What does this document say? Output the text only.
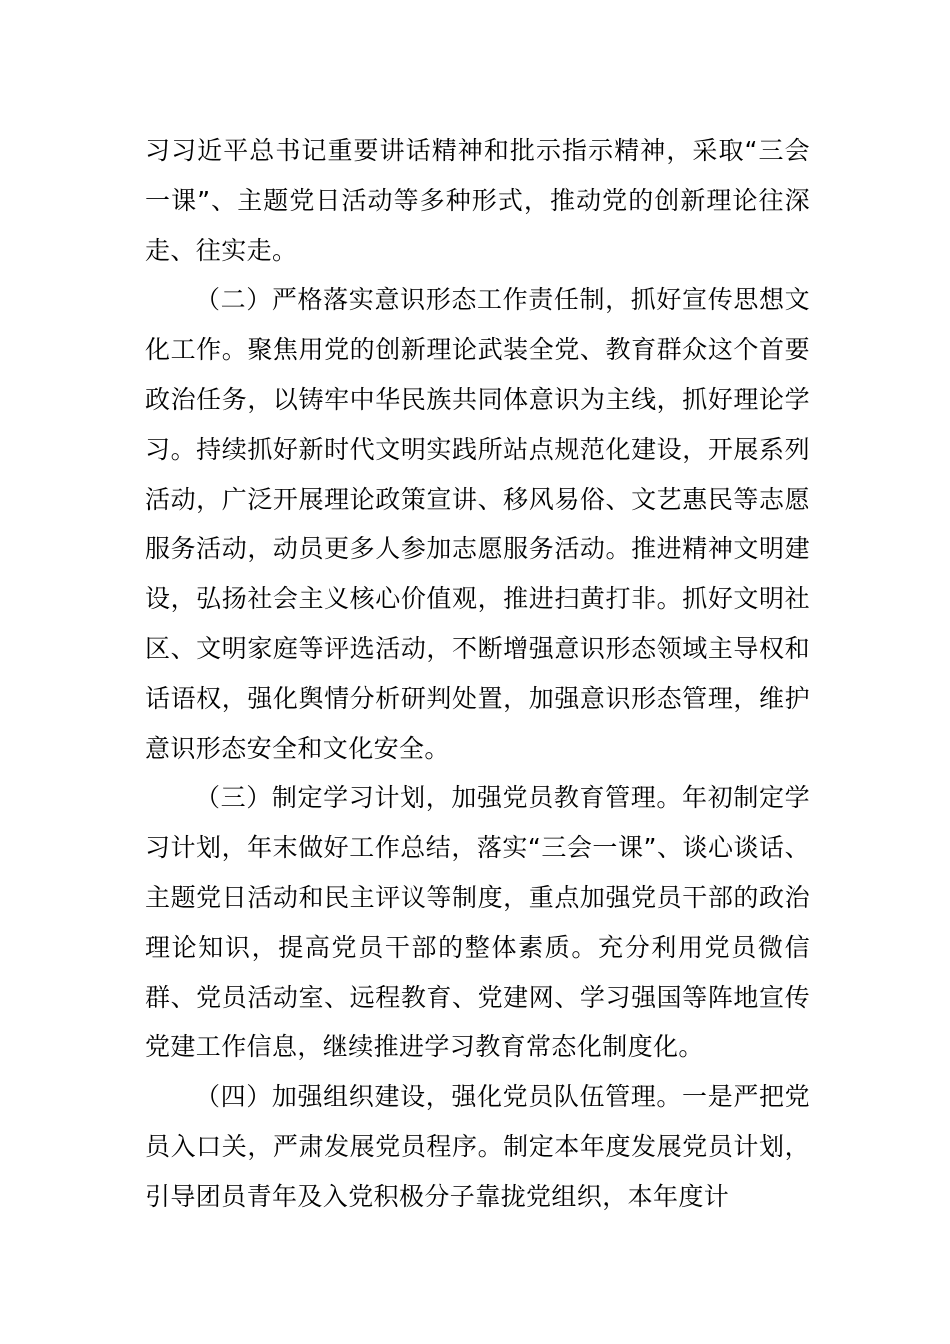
习习近平总书记重要讲话精神和批示指示精神，采取“三会一课”、主题党日活动等多种形式，推动党的创新理论往深走、往实走。

（二）严格落实意识形态工作责任制，抓好宣传思想文化工作。聚焦用党的创新理论武装全党、教育群众这个首要政治任务，以铸牢中华民族共同体意识为主线，抓好理论学习。持续抓好新时代文明实践所站点规范化建设，开展系列活动，广泛开展理论政策宣讲、移风易俗、文艺惠民等志愿服务活动，动员更多人参加志愿服务活动。推进精神文明建设，弘扬社会主义核心价值观，推进扫黄打非。抓好文明社区、文明家庭等评选活动，不断增强意识形态领域主导权和话语权，强化舆情分析研判处置，加强意识形态管理，维护意识形态安全和文化安全。

（三）制定学习计划，加强党员教育管理。年初制定学习计划，年末做好工作总结，落实“三会一课”、谈心谈话、主题党日活动和民主评议等制度，重点加强党员干部的政治理论知识，提高党员干部的整体素质。充分利用党员微信群、党员活动室、远程教育、党建网、学习强国等阵地宣传党建工作信息，继续推进学习教育常态化制度化。

（四）加强组织建设，强化党员队伍管理。一是严把党员入口关，严肃发展党员程序。制定本年度发展党员计划，引导团员青年及入党积极分子靠拢党组织，本年度计
